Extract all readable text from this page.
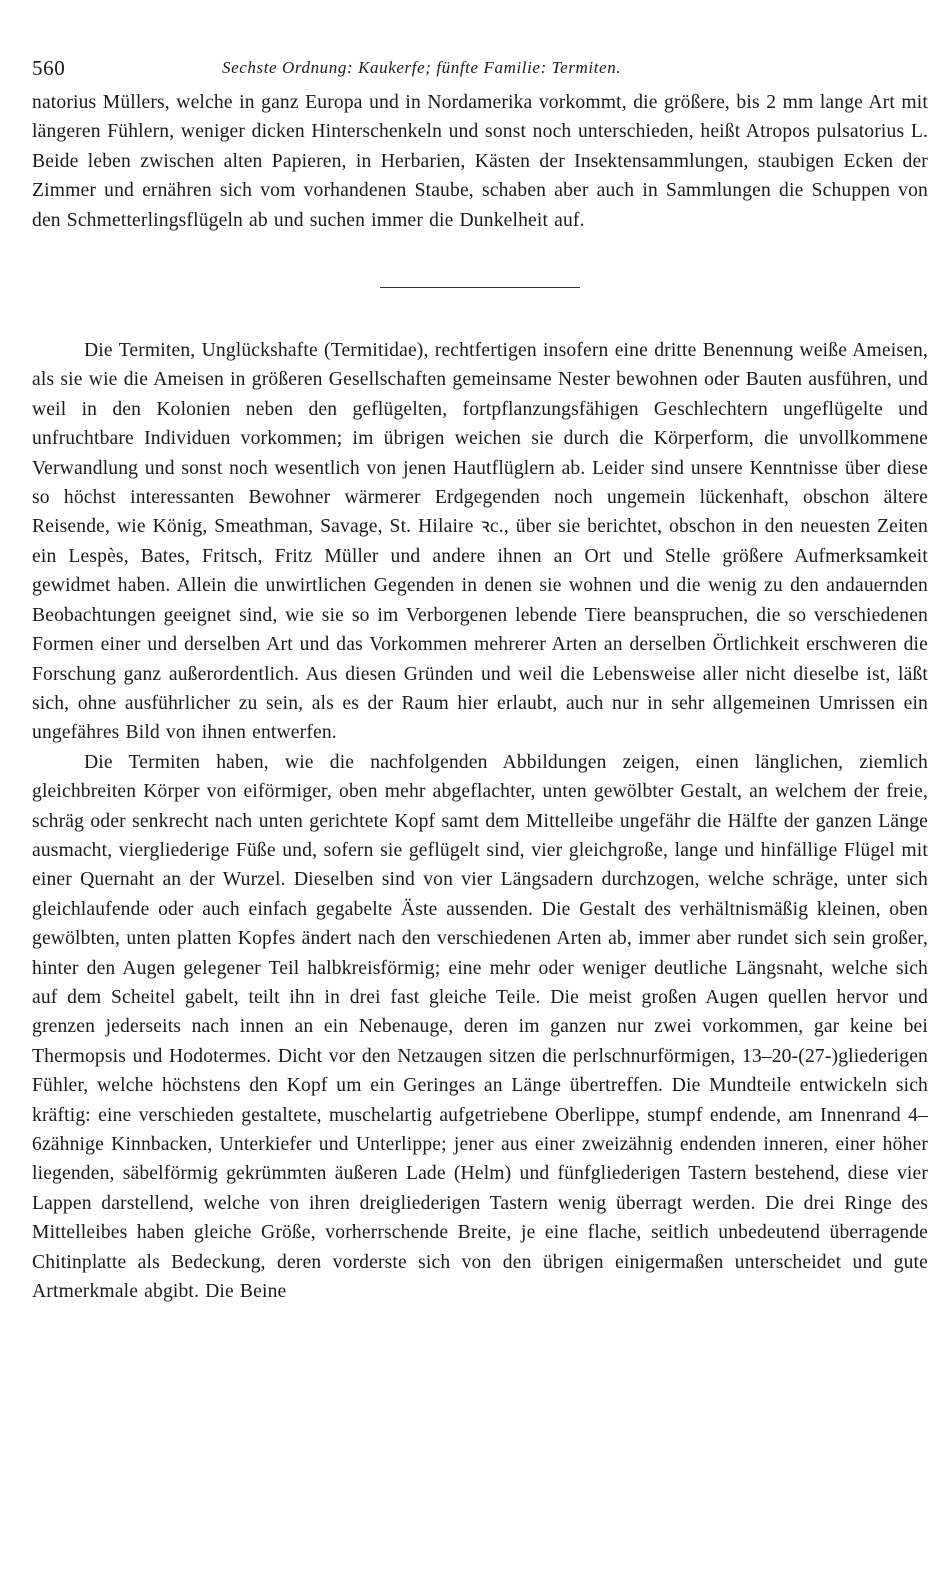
560	Sechste Ordnung: Kaukerfe; fünfte Familie: Termiten.

natorius Müllers, welche in ganz Europa und in Nordamerika vorkommt, die größere, bis 2 mm lange Art mit längeren Fühlern, weniger dicken Hinterschenkeln und sonst noch unterschieden, heißt Atropos pulsatorius L. Beide leben zwischen alten Papieren, in Herbarien, Kästen der Insektensammlungen, staubigen Ecken der Zimmer und ernähren sich vom vorhandenen Staube, schaben aber auch in Sammlungen die Schuppen von den Schmetterlingsflügeln ab und suchen immer die Dunkelheit auf.

Die Termiten, Unglückshafte (Termitidae), rechtfertigen insofern eine dritte Benennung weiße Ameisen, als sie wie die Ameisen in größeren Gesellschaften gemeinsame Nester bewohnen oder Bauten ausführen, und weil in den Kolonien neben den geflügelten, fortpflanzungsfähigen Geschlechtern ungeflügelte und unfruchtbare Individuen vorkommen; im übrigen weichen sie durch die Körperform, die unvollkommene Verwandlung und sonst noch wesentlich von jenen Hautflüglern ab. Leider sind unsere Kenntnisse über diese so höchst interessanten Bewohner wärmerer Erdgegenden noch ungemein lückenhaft, obschon ältere Reisende, wie König, Smeathman, Savage, St. Hilaire ꝛc., über sie berichtet, obschon in den neuesten Zeiten ein Lespès, Bates, Fritsch, Fritz Müller und andere ihnen an Ort und Stelle größere Aufmerksamkeit gewidmet haben. Allein die unwirtlichen Gegenden in denen sie wohnen und die wenig zu den andauernden Beobachtungen geeignet sind, wie sie so im Verborgenen lebende Tiere beanspruchen, die so verschiedenen Formen einer und derselben Art und das Vorkommen mehrerer Arten an derselben Örtlichkeit erschweren die Forschung ganz außerordentlich. Aus diesen Gründen und weil die Lebensweise aller nicht dieselbe ist, läßt sich, ohne ausführlicher zu sein, als es der Raum hier erlaubt, auch nur in sehr allgemeinen Umrissen ein ungefähres Bild von ihnen entwerfen.

Die Termiten haben, wie die nachfolgenden Abbildungen zeigen, einen länglichen, ziemlich gleichbreiten Körper von eiförmiger, oben mehr abgeflachter, unten gewölbter Gestalt, an welchem der freie, schräg oder senkrecht nach unten gerichtete Kopf samt dem Mittelleibe ungefähr die Hälfte der ganzen Länge ausmacht, viergliederige Füße und, sofern sie geflügelt sind, vier gleichgroße, lange und hinfällige Flügel mit einer Quernaht an der Wurzel. Dieselben sind von vier Längsadern durchzogen, welche schräge, unter sich gleichlaufende oder auch einfach gegabelte Äste aussenden. Die Gestalt des verhältnismäßig kleinen, oben gewölbten, unten platten Kopfes ändert nach den verschiedenen Arten ab, immer aber rundet sich sein großer, hinter den Augen gelegener Teil halbkreisförmig; eine mehr oder weniger deutliche Längsnaht, welche sich auf dem Scheitel gabelt, teilt ihn in drei fast gleiche Teile. Die meist großen Augen quellen hervor und grenzen jederseits nach innen an ein Nebenauge, deren im ganzen nur zwei vorkommen, gar keine bei Thermopsis und Hodotermes. Dicht vor den Netzaugen sitzen die perlschnurförmigen, 13–20-(27-)gliederigen Fühler, welche höchstens den Kopf um ein Geringes an Länge übertreffen. Die Mundteile entwickeln sich kräftig: eine verschieden gestaltete, muschelartig aufgetriebene Oberlippe, stumpf endende, am Innenrand 4–6zähnige Kinnbacken, Unterkiefer und Unterlippe; jener aus einer zweizähnig endenden inneren, einer höher liegenden, säbelförmig gekrümmten äußeren Lade (Helm) und fünfgliederigen Tastern bestehend, diese vier Lappen darstellend, welche von ihren dreigliederigen Tastern wenig überragt werden. Die drei Ringe des Mittelleibes haben gleiche Größe, vorherrschende Breite, je eine flache, seitlich unbedeutend überragende Chitinplatte als Bedeckung, deren vorderste sich von den übrigen einigermaßen unterscheidet und gute Artmerkmale abgibt. Die Beine
